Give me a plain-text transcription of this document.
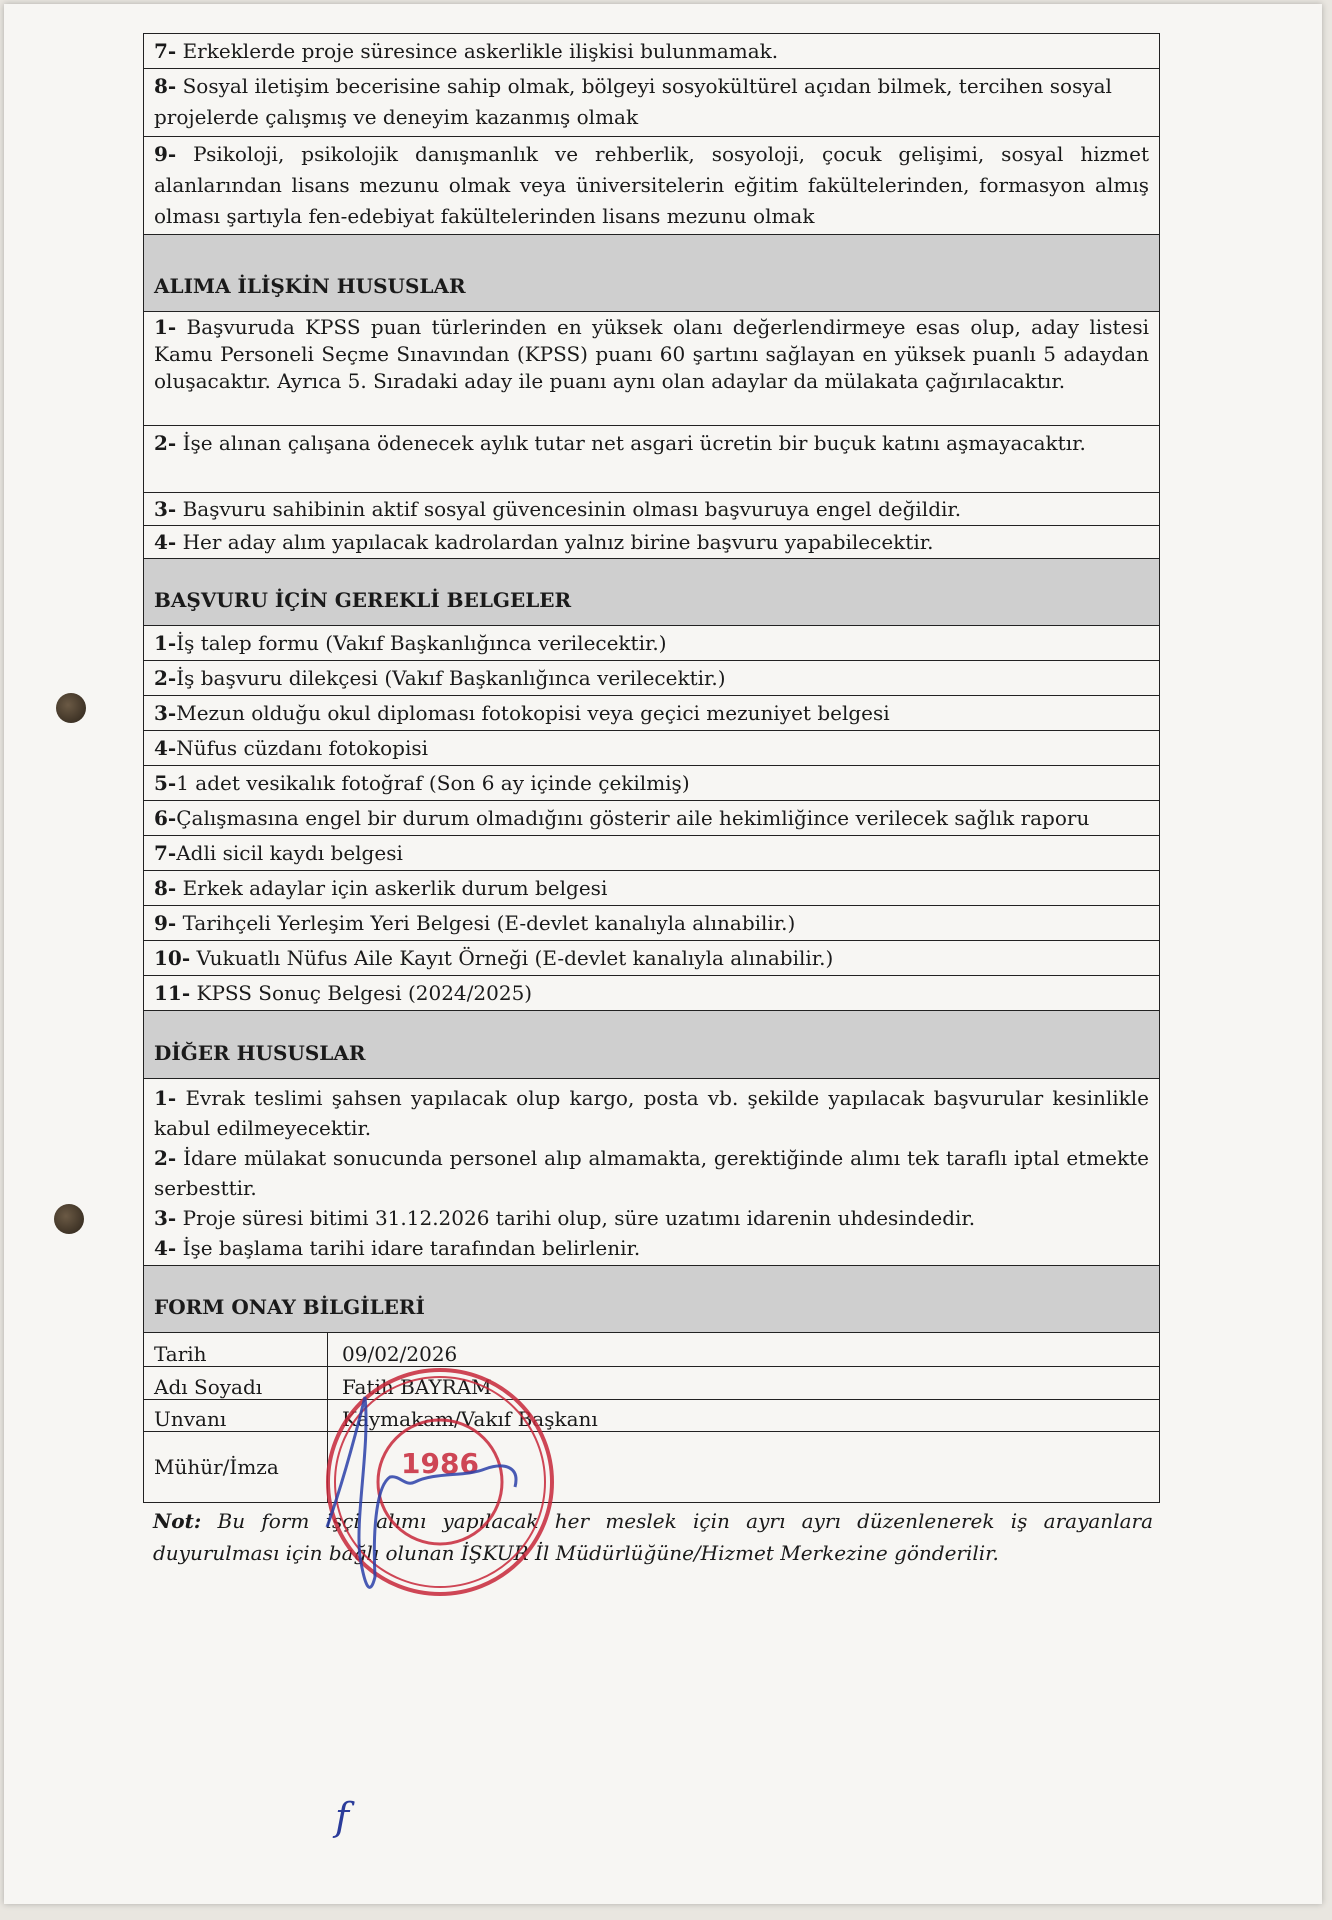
7- Erkeklerde proje süresince askerlikle ilişkisi bulunmamak.
8- Sosyal iletişim becerisine sahip olmak, bölgeyi sosyokültürel açıdan bilmek, tercihen sosyal projelerde çalışmış ve deneyim kazanmış olmak
9- Psikoloji, psikolojik danışmanlık ve rehberlik, sosyoloji, çocuk gelişimi, sosyal hizmet alanlarından lisans mezunu olmak veya üniversitelerin eğitim fakültelerinden, formasyon almış olması şartıyla fen-edebiyat fakültelerinden lisans mezunu olmak
ALIMA İLİŞKİN HUSUSLAR
1- Başvuruda KPSS puan türlerinden en yüksek olanı değerlendirmeye esas olup, aday listesi Kamu Personeli Seçme Sınavından (KPSS) puanı 60 şartını sağlayan en yüksek puanlı 5 adaydan oluşacaktır. Ayrıca 5. Sıradaki aday ile puanı aynı olan adaylar da mülakata çağırılacaktır.
2- İşe alınan çalışana ödenecek aylık tutar net asgari ücretin bir buçuk katını aşmayacaktır.
3- Başvuru sahibinin aktif sosyal güvencesinin olması başvuruya engel değildir.
4- Her aday alım yapılacak kadrolardan yalnız birine başvuru yapabilecektir.
BAŞVURU İÇİN GEREKLİ BELGELER
1-İş talep formu (Vakıf Başkanlığınca verilecektir.)
2-İş başvuru dilekçesi (Vakıf Başkanlığınca verilecektir.)
3-Mezun olduğu okul diploması fotokopisi veya geçici mezuniyet belgesi
4-Nüfus cüzdanı fotokopisi
5-1 adet vesikalık fotoğraf (Son 6 ay içinde çekilmiş)
6-Çalışmasına engel bir durum olmadığını gösterir aile hekimliğince verilecek sağlık raporu
7-Adli sicil kaydı belgesi
8- Erkek adaylar için askerlik durum belgesi
9- Tarihçeli Yerleşim Yeri Belgesi (E-devlet kanalıyla alınabilir.)
10- Vukuatlı Nüfus Aile Kayıt Örneği (E-devlet kanalıyla alınabilir.)
11- KPSS Sonuç Belgesi (2024/2025)
DİĞER HUSUSLAR
1- Evrak teslimi şahsen yapılacak olup kargo, posta vb. şekilde yapılacak başvurular kesinlikle kabul edilmeyecektir.
2- İdare mülakat sonucunda personel alıp almamakta, gerektiğinde alımı tek taraflı iptal etmekte serbesttir.
3- Proje süresi bitimi 31.12.2026 tarihi olup, süre uzatımı idarenin uhdesindedir.
4- İşe başlama tarihi idare tarafından belirlenir.
FORM ONAY BİLGİLERİ
Tarih	09/02/2026
Adı Soyadı	Fatih BAYRAM
Unvanı	Kaymakam/Vakıf Başkanı
Mühür/İmza
Not: Bu form işçi alımı yapılacak her meslek için ayrı ayrı düzenlenerek iş arayanlara duyurulması için bağlı olunan İŞKUR İl Müdürlüğüne/Hizmet Merkezine gönderilir.
1986
f
